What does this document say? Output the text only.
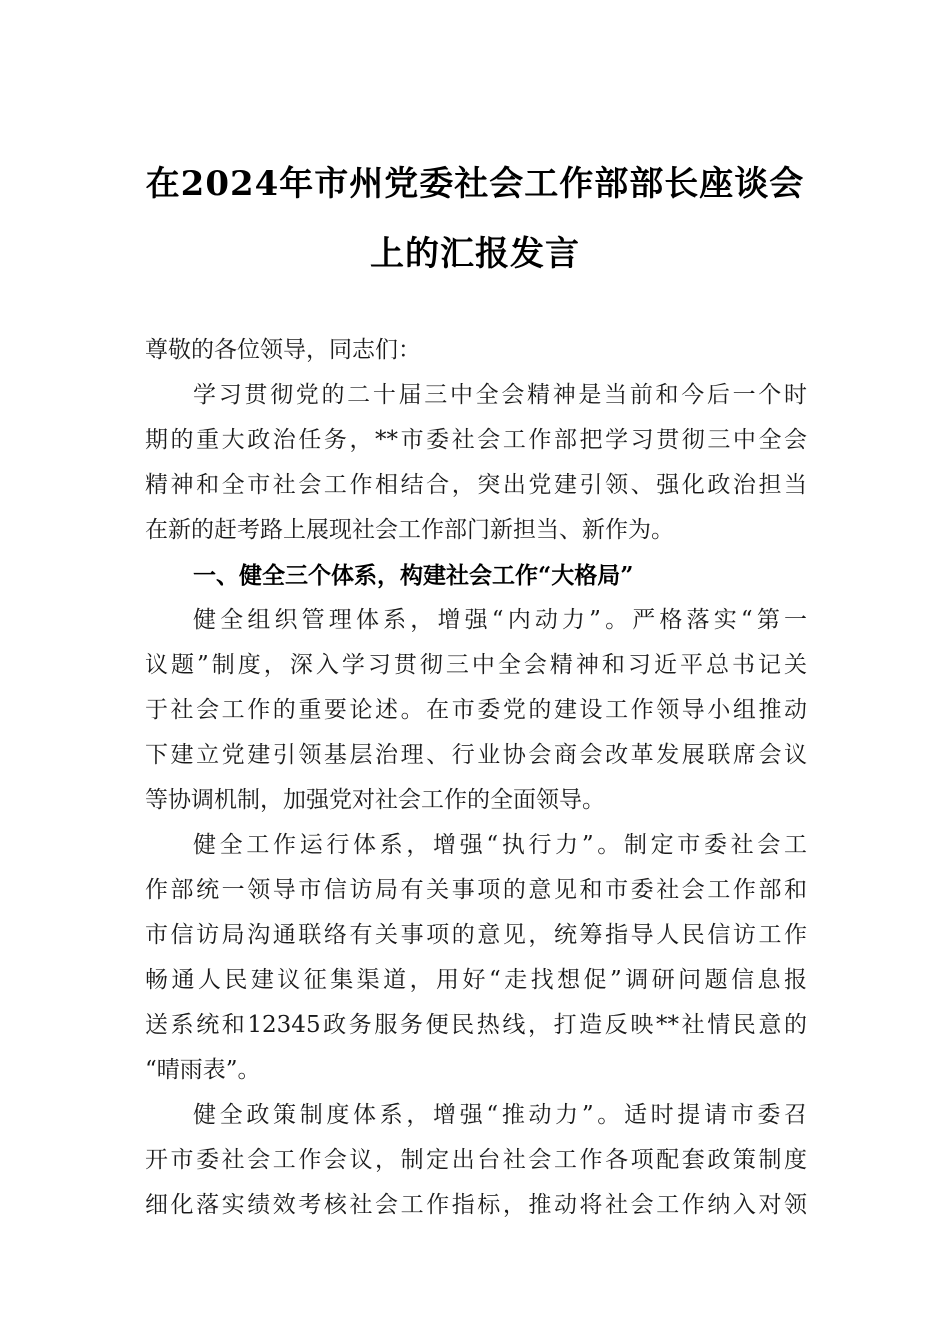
在2024年市州党委社会工作部部长座谈会
上的汇报发言
尊敬的各位领导，同志们：
学习贯彻党的二十届三中全会精神是当前和今后一个时
期的重大政治任务，**市委社会工作部把学习贯彻三中全会
精神和全市社会工作相结合，突出党建引领、强化政治担当
在新的赶考路上展现社会工作部门新担当、新作为。
一、健全三个体系，构建社会工作“大格局”
健全组织管理体系，增强“内动力”。严格落实“第一
议题”制度，深入学习贯彻三中全会精神和习近平总书记关
于社会工作的重要论述。在市委党的建设工作领导小组推动
下建立党建引领基层治理、行业协会商会改革发展联席会议
等协调机制，加强党对社会工作的全面领导。
健全工作运行体系，增强“执行力”。制定市委社会工
作部统一领导市信访局有关事项的意见和市委社会工作部和
市信访局沟通联络有关事项的意见，统筹指导人民信访工作
畅通人民建议征集渠道，用好“走找想促”调研问题信息报
送系统和12345政务服务便民热线，打造反映**社情民意的
“晴雨表”。
健全政策制度体系，增强“推动力”。适时提请市委召
开市委社会工作会议，制定出台社会工作各项配套政策制度
细化落实绩效考核社会工作指标，推动将社会工作纳入对领
